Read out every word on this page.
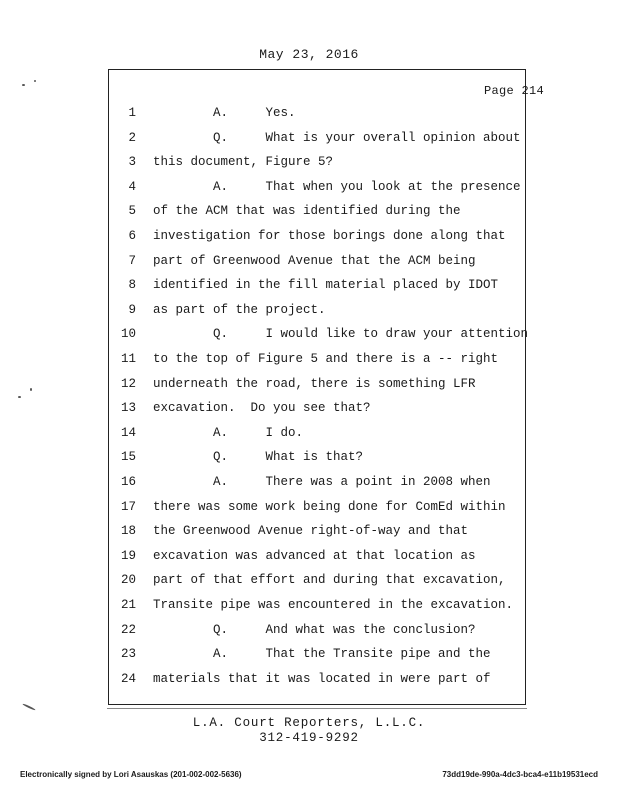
May 23, 2016
Page 214
1 A.     Yes.
2 Q.     What is your overall opinion about
3 this document, Figure 5?
4 A.     That when you look at the presence
5 of the ACM that was identified during the
6 investigation for those borings done along that
7 part of Greenwood Avenue that the ACM being
8 identified in the fill material placed by IDOT
9 as part of the project.
10 Q.     I would like to draw your attention
11 to the top of Figure 5 and there is a -- right
12 underneath the road, there is something LFR
13 excavation.  Do you see that?
14 A.     I do.
15 Q.     What is that?
16 A.     There was a point in 2008 when
17 there was some work being done for ComEd within
18 the Greenwood Avenue right-of-way and that
19 excavation was advanced at that location as
20 part of that effort and during that excavation,
21 Transite pipe was encountered in the excavation.
22 Q.     And what was the conclusion?
23 A.     That the Transite pipe and the
24 materials that it was located in were part of
L.A. Court Reporters, L.L.C.
312-419-9292
Electronically signed by Lori Asauskas (201-002-002-5636)	73dd19de-990a-4dc3-bca4-e11b19531ecd
